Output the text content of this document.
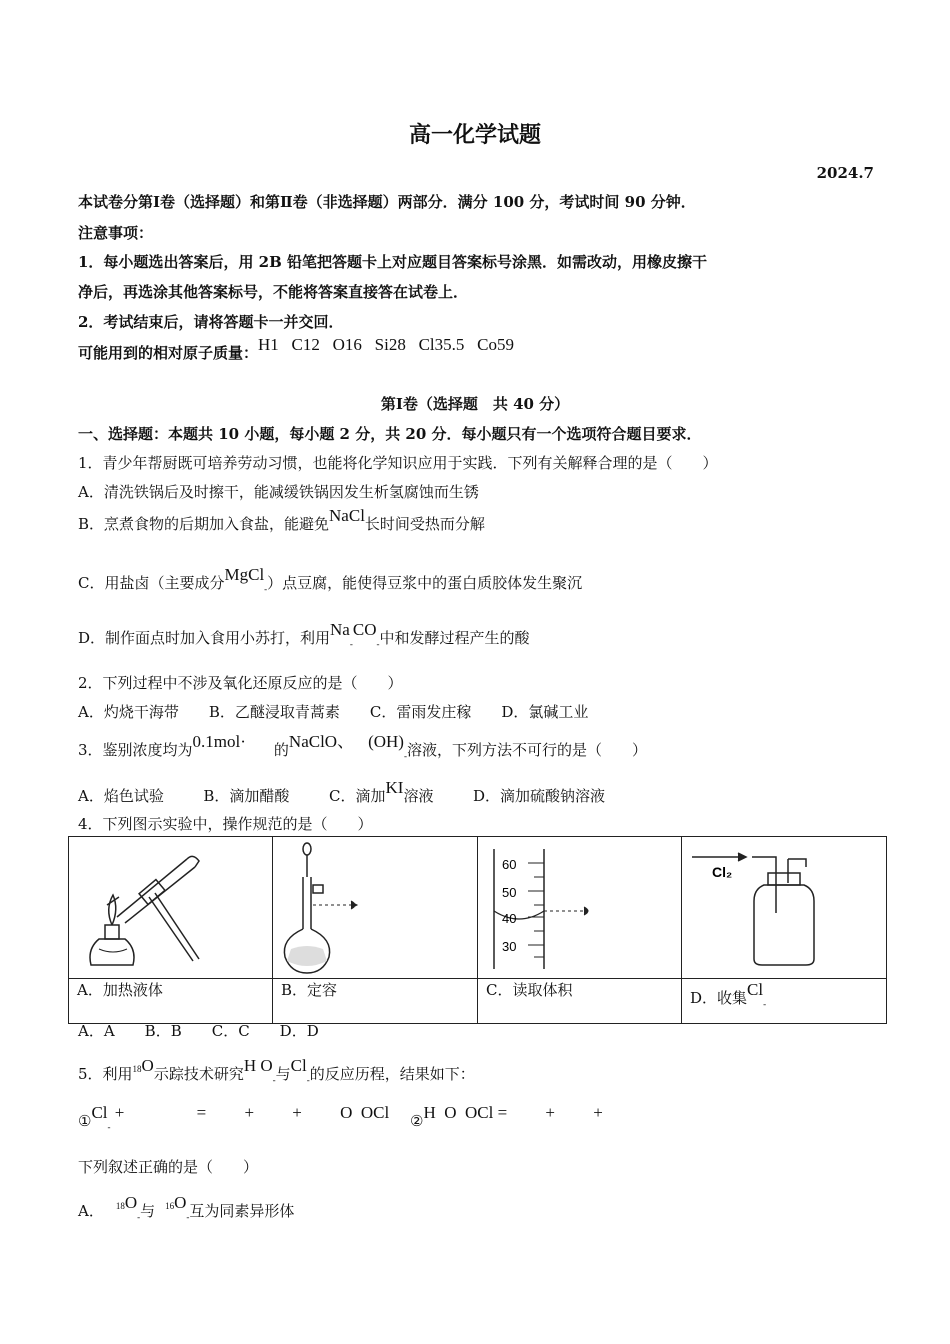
高一化学试题
2024.7
本试卷分第Ⅰ卷（选择题）和第Ⅱ卷（非选择题）两部分．满分 100 分，考试时间 90 分钟．
注意事项：
1．每小题选出答案后，用 2B 铅笔把答题卡上对应题目答案标号涂黑．如需改动，用橡皮擦干
净后，再选涂其他答案标号，不能将答案直接答在试卷上．
2．考试结束后，请将答题卡一并交回．
可能用到的相对原子质量：H1   C12   O16   Si28   Cl35.5   Co59
第Ⅰ卷（选择题　共 40 分）
一、选择题：本题共 10 小题，每小题 2 分，共 20 分．每小题只有一个选项符合题目要求．
1．青少年帮厨既可培养劳动习惯，也能将化学知识应用于实践．下列有关解释合理的是（　　）
A．清洗铁锅后及时擦干，能减缓铁锅因发生析氢腐蚀而生锈
B．烹煮食物的后期加入食盐，能避免NaCl长时间受热而分解
C．用盐卤（主要成分MgCl$_-$）点豆腐，能使得豆浆中的蛋白质胶体发生聚沉
D．制作面点时加入食用小苏打，利用$Na_-CO_-$中和发酵过程产生的酸
2．下列过程中不涉及氧化还原反应的是（　　）
A．灼烧干海带　　B．乙醚浸取青蒿素　　C．雷雨发庄稼　　D．氯碱工业
3．鉴别浓度均为0.1mol· 的NaClO、 $(OH)_-$溶液，下列方法不可行的是（　　）
A．焰色试验	B．滴加醋酸	C．滴加KI溶液	D．滴加硫酸钠溶液
4．下列图示实验中，操作规范的是（　　）

60
50
40
30	Cl₂

A．加热液体	B．定容	C．读取体积	D．收集$Cl_-$
A．A　　B．B　　C．C　　D．D
5．利用$^{18}$O示踪技术研究H $O_-$与$Cl_-$的反应历程，结果如下：
$①Cl_-$ +　　　　 =　　 +　　 +　　 O  OCl ②H  O  OCl =　　 +　　 +
下列叙述正确的是（　　）
A． $^{18}O_-$与 $^{16}O_-$互为同素异形体
